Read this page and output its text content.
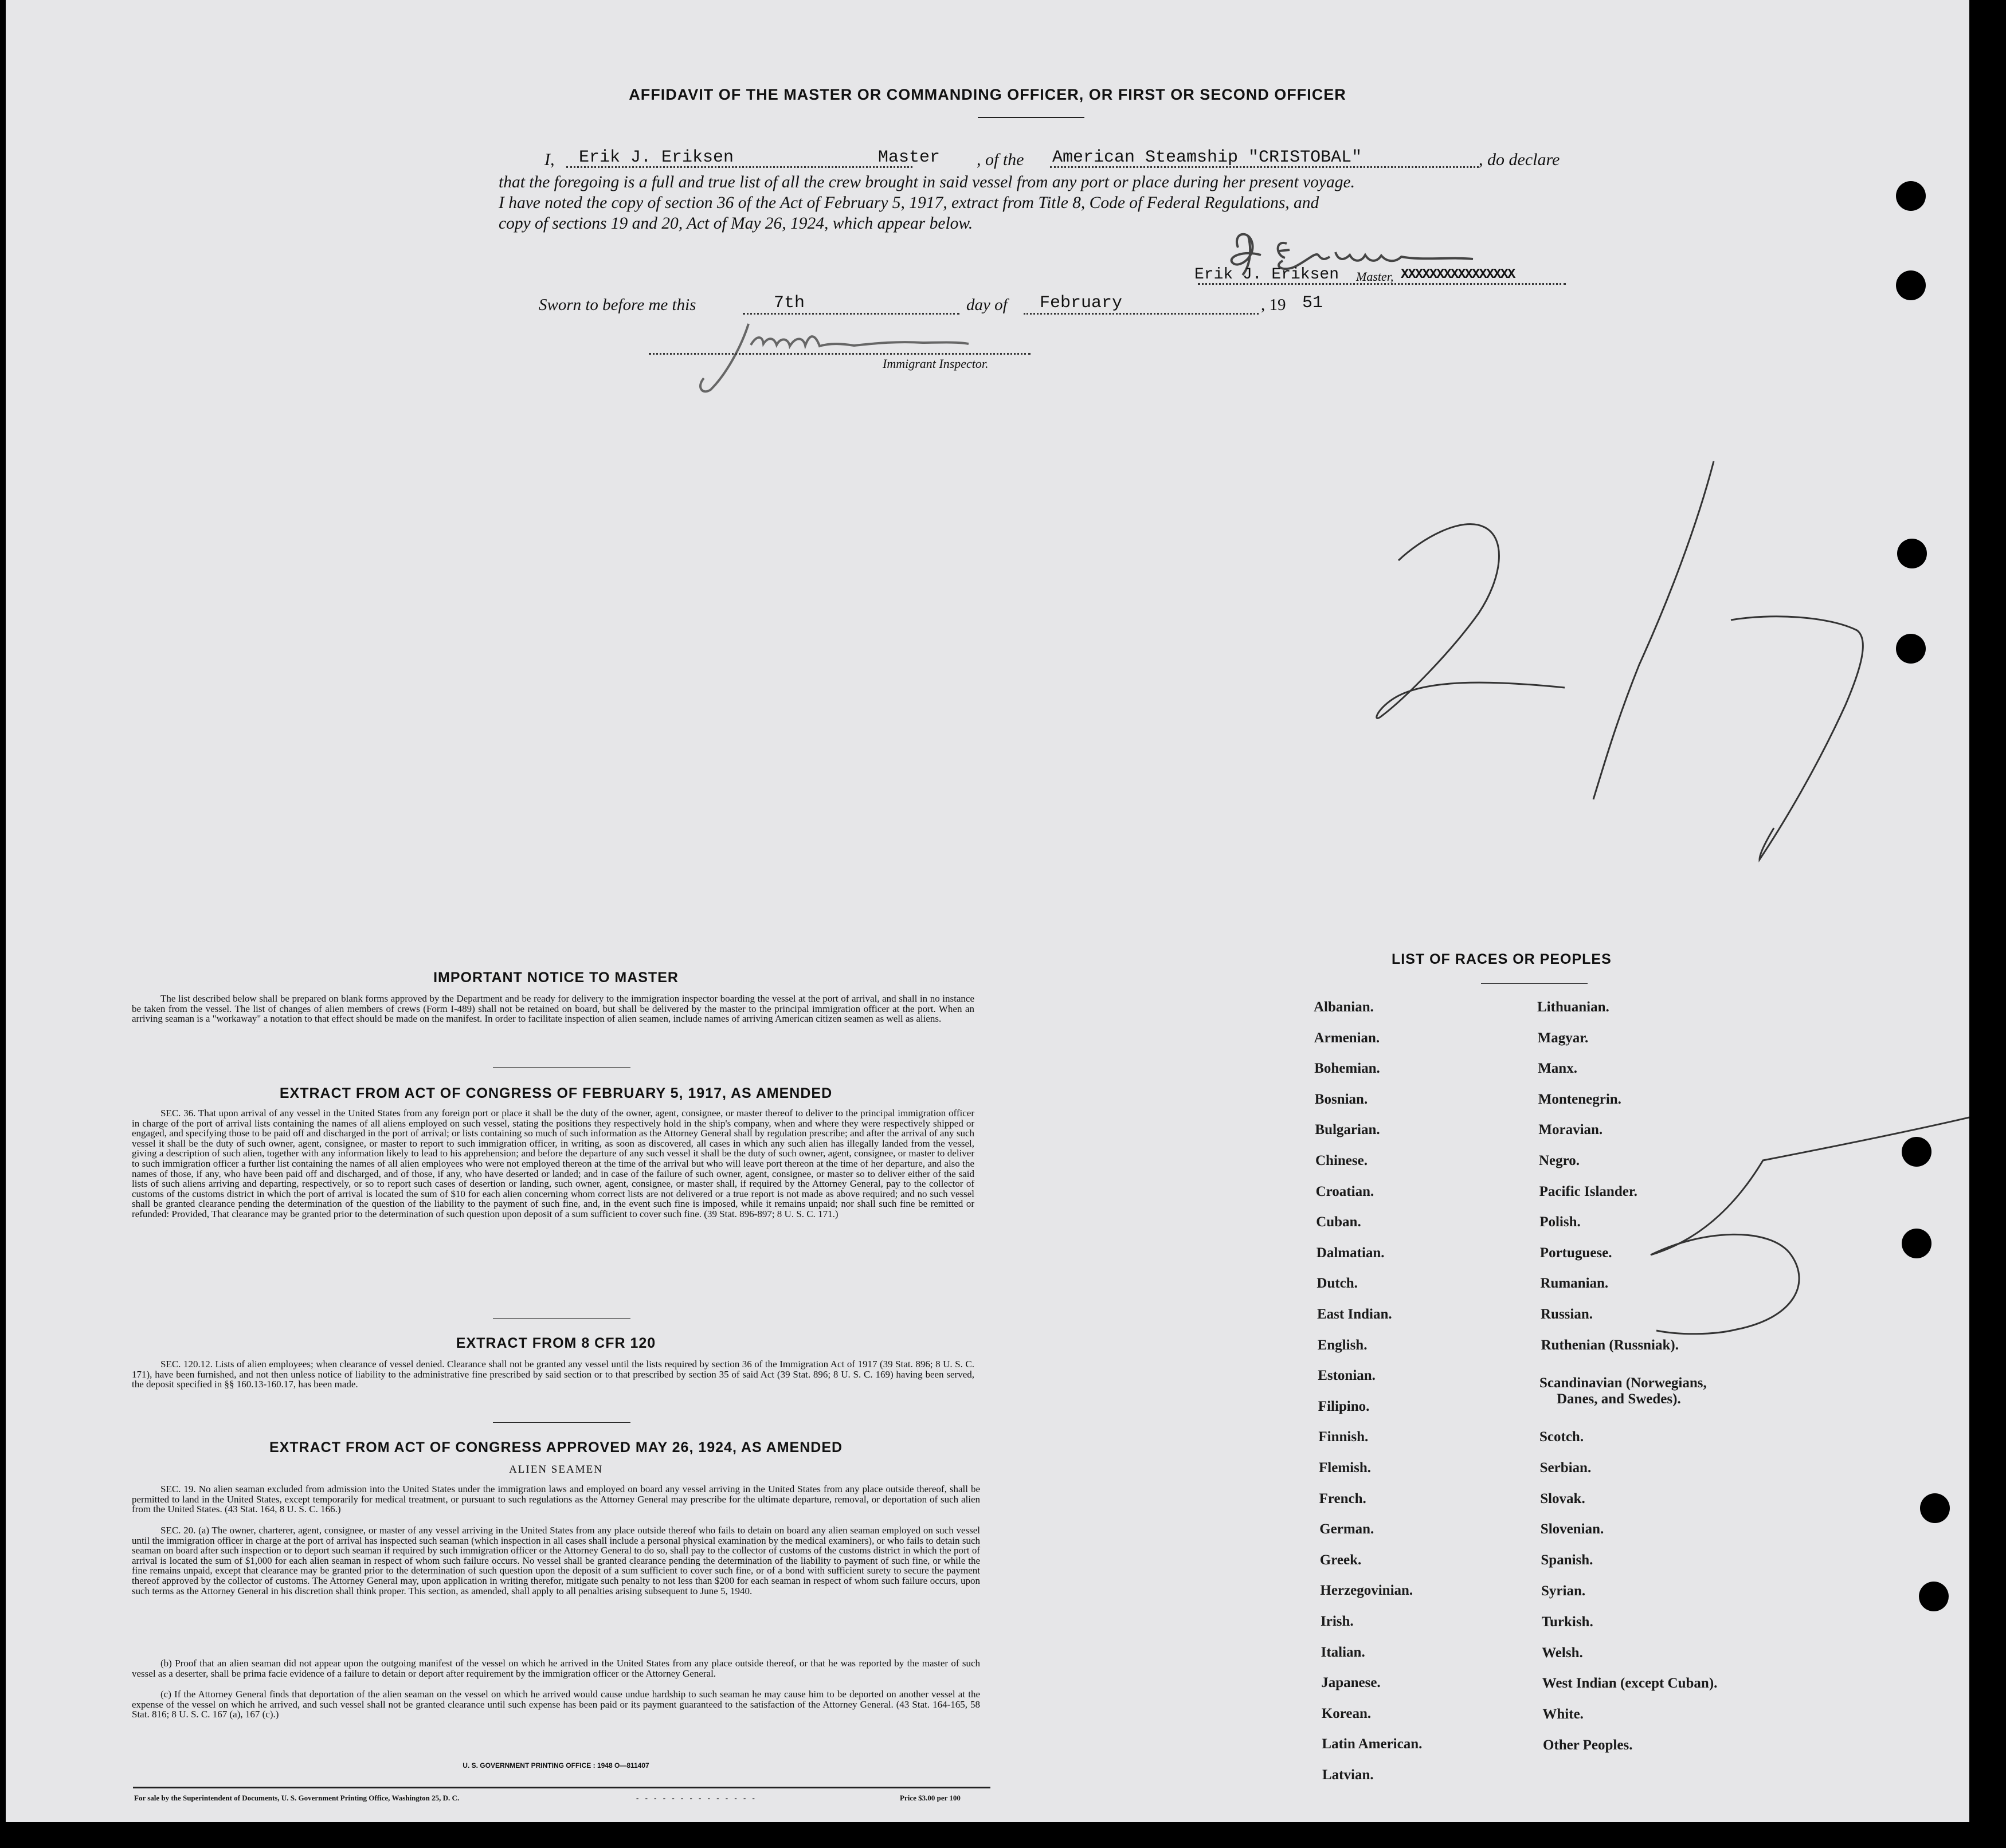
AFFIDAVIT OF THE MASTER OR COMMANDING OFFICER, OR FIRST OR SECOND OFFICER
I, Erik J. Eriksen	Master , of the American Steamship "CRISTOBAL"	, do declare
that the foregoing is a full and true list of all the crew brought in said vessel from any port or place during her present voyage.
I have noted the copy of section 36 of the Act of February 5, 1917, extract from Title 8, Code of Federal Regulations, and
copy of sections 19 and 20, Act of May 26, 1924, which appear below.
Erik J. Eriksen Master, XXXXXXXXXXXXXXXX
Sworn to before me this	7th	day of February	, 19 51
Immigrant Inspector.
IMPORTANT NOTICE TO MASTER
The list described below shall be prepared on blank forms approved by the Department and be ready for delivery to the immigration inspector boarding the vessel at the port of arrival, and shall in no instance be taken from the vessel. The list of changes of alien members of crews (Form I-489) shall not be retained on board, but shall be delivered by the master to the principal immigration officer at the port. When an arriving seaman is a "workaway" a notation to that effect should be made on the manifest. In order to facilitate inspection of alien seamen, include names of arriving American citizen seamen as well as aliens.
EXTRACT FROM ACT OF CONGRESS OF FEBRUARY 5, 1917, AS AMENDED
SEC. 36. That upon arrival of any vessel in the United States from any foreign port or place it shall be the duty of the owner, agent, consignee, or master thereof to deliver to the principal immigration officer in charge of the port of arrival lists containing the names of all aliens employed on such vessel, stating the positions they respectively hold in the ship's company, when and where they were respectively shipped or engaged, and specifying those to be paid off and discharged in the port of arrival; or lists containing so much of such information as the Attorney General shall by regulation prescribe; and after the arrival of any such vessel it shall be the duty of such owner, agent, consignee, or master to report to such immigration officer, in writing, as soon as discovered, all cases in which any such alien has illegally landed from the vessel, giving a description of such alien, together with any information likely to lead to his apprehension; and before the departure of any such vessel it shall be the duty of such owner, agent, consignee, or master to deliver to such immigration officer a further list containing the names of all alien employees who were not employed thereon at the time of the arrival but who will leave port thereon at the time of her departure, and also the names of those, if any, who have been paid off and discharged, and of those, if any, who have deserted or landed; and in case of the failure of such owner, agent, consignee, or master so to deliver either of the said lists of such aliens arriving and departing, respectively, or so to report such cases of desertion or landing, such owner, agent, consignee, or master shall, if required by the Attorney General, pay to the collector of customs of the customs district in which the port of arrival is located the sum of $10 for each alien concerning whom correct lists are not delivered or a true report is not made as above required; and no such vessel shall be granted clearance pending the determination of the question of the liability to the payment of such fine, and, in the event such fine is imposed, while it remains unpaid; nor shall such fine be remitted or refunded: Provided, That clearance may be granted prior to the determination of such question upon deposit of a sum sufficient to cover such fine. (39 Stat. 896-897; 8 U. S. C. 171.)
EXTRACT FROM 8 CFR 120
SEC. 120.12. Lists of alien employees; when clearance of vessel denied. Clearance shall not be granted any vessel until the lists required by section 36 of the Immigration Act of 1917 (39 Stat. 896; 8 U. S. C. 171), have been furnished, and not then unless notice of liability to the administrative fine prescribed by said section or to that prescribed by section 35 of said Act (39 Stat. 896; 8 U. S. C. 169) having been served, the deposit specified in §§ 160.13-160.17, has been made.
EXTRACT FROM ACT OF CONGRESS APPROVED MAY 26, 1924, AS AMENDED
ALIEN SEAMEN
SEC. 19. No alien seaman excluded from admission into the United States under the immigration laws and employed on board any vessel arriving in the United States from any place outside thereof, shall be permitted to land in the United States, except temporarily for medical treatment, or pursuant to such regulations as the Attorney General may prescribe for the ultimate departure, removal, or deportation of such alien from the United States. (43 Stat. 164, 8 U. S. C. 166.)
SEC. 20. (a) The owner, charterer, agent, consignee, or master of any vessel arriving in the United States from any place outside thereof who fails to detain on board any alien seaman employed on such vessel until the immigration officer in charge at the port of arrival has inspected such seaman (which inspection in all cases shall include a personal physical examination by the medical examiners), or who fails to detain such seaman on board after such inspection or to deport such seaman if required by such immigration officer or the Attorney General to do so, shall pay to the collector of customs of the customs district in which the port of arrival is located the sum of $1,000 for each alien seaman in respect of whom such failure occurs. No vessel shall be granted clearance pending the determination of the liability to payment of such fine, or while the fine remains unpaid, except that clearance may be granted prior to the determination of such question upon the deposit of a sum sufficient to cover such fine, or of a bond with sufficient surety to secure the payment thereof approved by the collector of customs. The Attorney General may, upon application in writing therefor, mitigate such penalty to not less than $200 for each seaman in respect of whom such failure occurs, upon such terms as the Attorney General in his discretion shall think proper. This section, as amended, shall apply to all penalties arising subsequent to June 5, 1940.
(b) Proof that an alien seaman did not appear upon the outgoing manifest of the vessel on which he arrived in the United States from any place outside thereof, or that he was reported by the master of such vessel as a deserter, shall be prima facie evidence of a failure to detain or deport after requirement by the immigration officer or the Attorney General.
(c) If the Attorney General finds that deportation of the alien seaman on the vessel on which he arrived would cause undue hardship to such seaman he may cause him to be deported on another vessel at the expense of the vessel on which he arrived, and such vessel shall not be granted clearance until such expense has been paid or its payment guaranteed to the satisfaction of the Attorney General. (43 Stat. 164-165, 58 Stat. 816; 8 U. S. C. 167 (a), 167 (c).)
U. S. GOVERNMENT PRINTING OFFICE : 1948 O—811407
For sale by the Superintendent of Documents, U. S. Government Printing Office, Washington 25, D. C.	- - - - - - - - - - - - - -	Price $3.00 per 100
LIST OF RACES OR PEOPLES
Albanian.
Armenian.
Bohemian.
Bosnian.
Bulgarian.
Chinese.
Croatian.
Cuban.
Dalmatian.
Dutch.
East Indian.
English.
Estonian.
Filipino.
Finnish.
Flemish.
French.
German.
Greek.
Herzegovinian.
Irish.
Italian.
Japanese.
Korean.
Latin American.
Latvian.
Lithuanian.
Magyar.
Manx.
Montenegrin.
Moravian.
Negro.
Pacific Islander.
Polish.
Portuguese.
Rumanian.
Russian.
Ruthenian (Russniak).
Scandinavian (Norwegians,
Danes, and Swedes).
Scotch.
Serbian.
Slovak.
Slovenian.
Spanish.
Syrian.
Turkish.
Welsh.
West Indian (except Cuban).
White.
Other Peoples.
